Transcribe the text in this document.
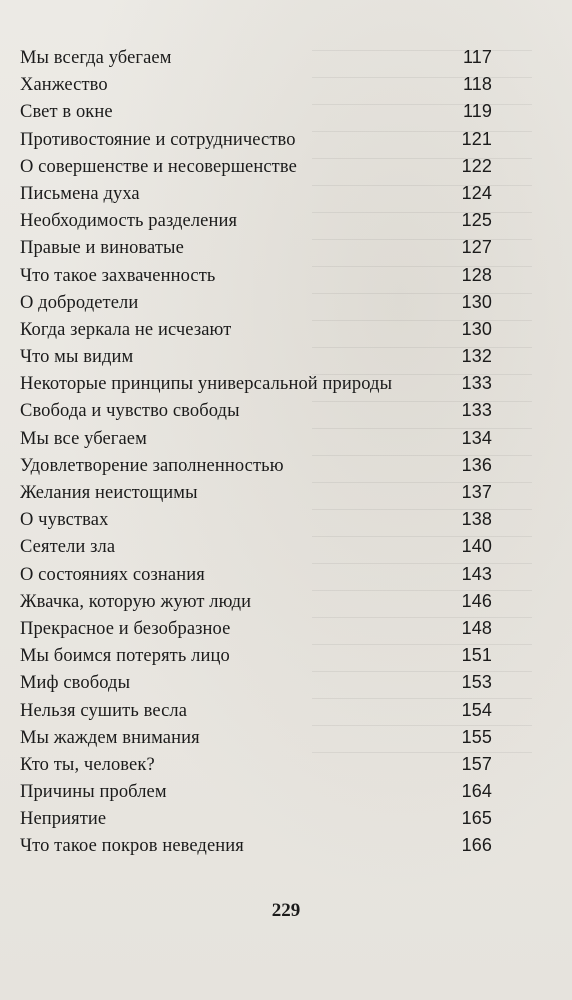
Мы всегда убегаем	117
Ханжество	118
Свет в окне	119
Противостояние и сотрудничество	121
О совершенстве и несовершенстве	122
Письмена духа	124
Необходимость разделения	125
Правые и виноватые	127
Что такое захваченность	128
О добродетели	130
Когда зеркала не исчезают	130
Что мы видим	132
Некоторые принципы универсальной природы	133
Свобода и чувство свободы	133
Мы все убегаем	134
Удовлетворение заполненностью	136
Желания неистощимы	137
О чувствах	138
Сеятели зла	140
О состояниях сознания	143
Жвачка, которую жуют люди	146
Прекрасное и безобразное	148
Мы боимся потерять лицо	151
Миф свободы	153
Нельзя сушить весла	154
Мы жаждем внимания	155
Кто ты, человек?	157
Причины проблем	164
Неприятие	165
Что такое покров неведения	166
229
